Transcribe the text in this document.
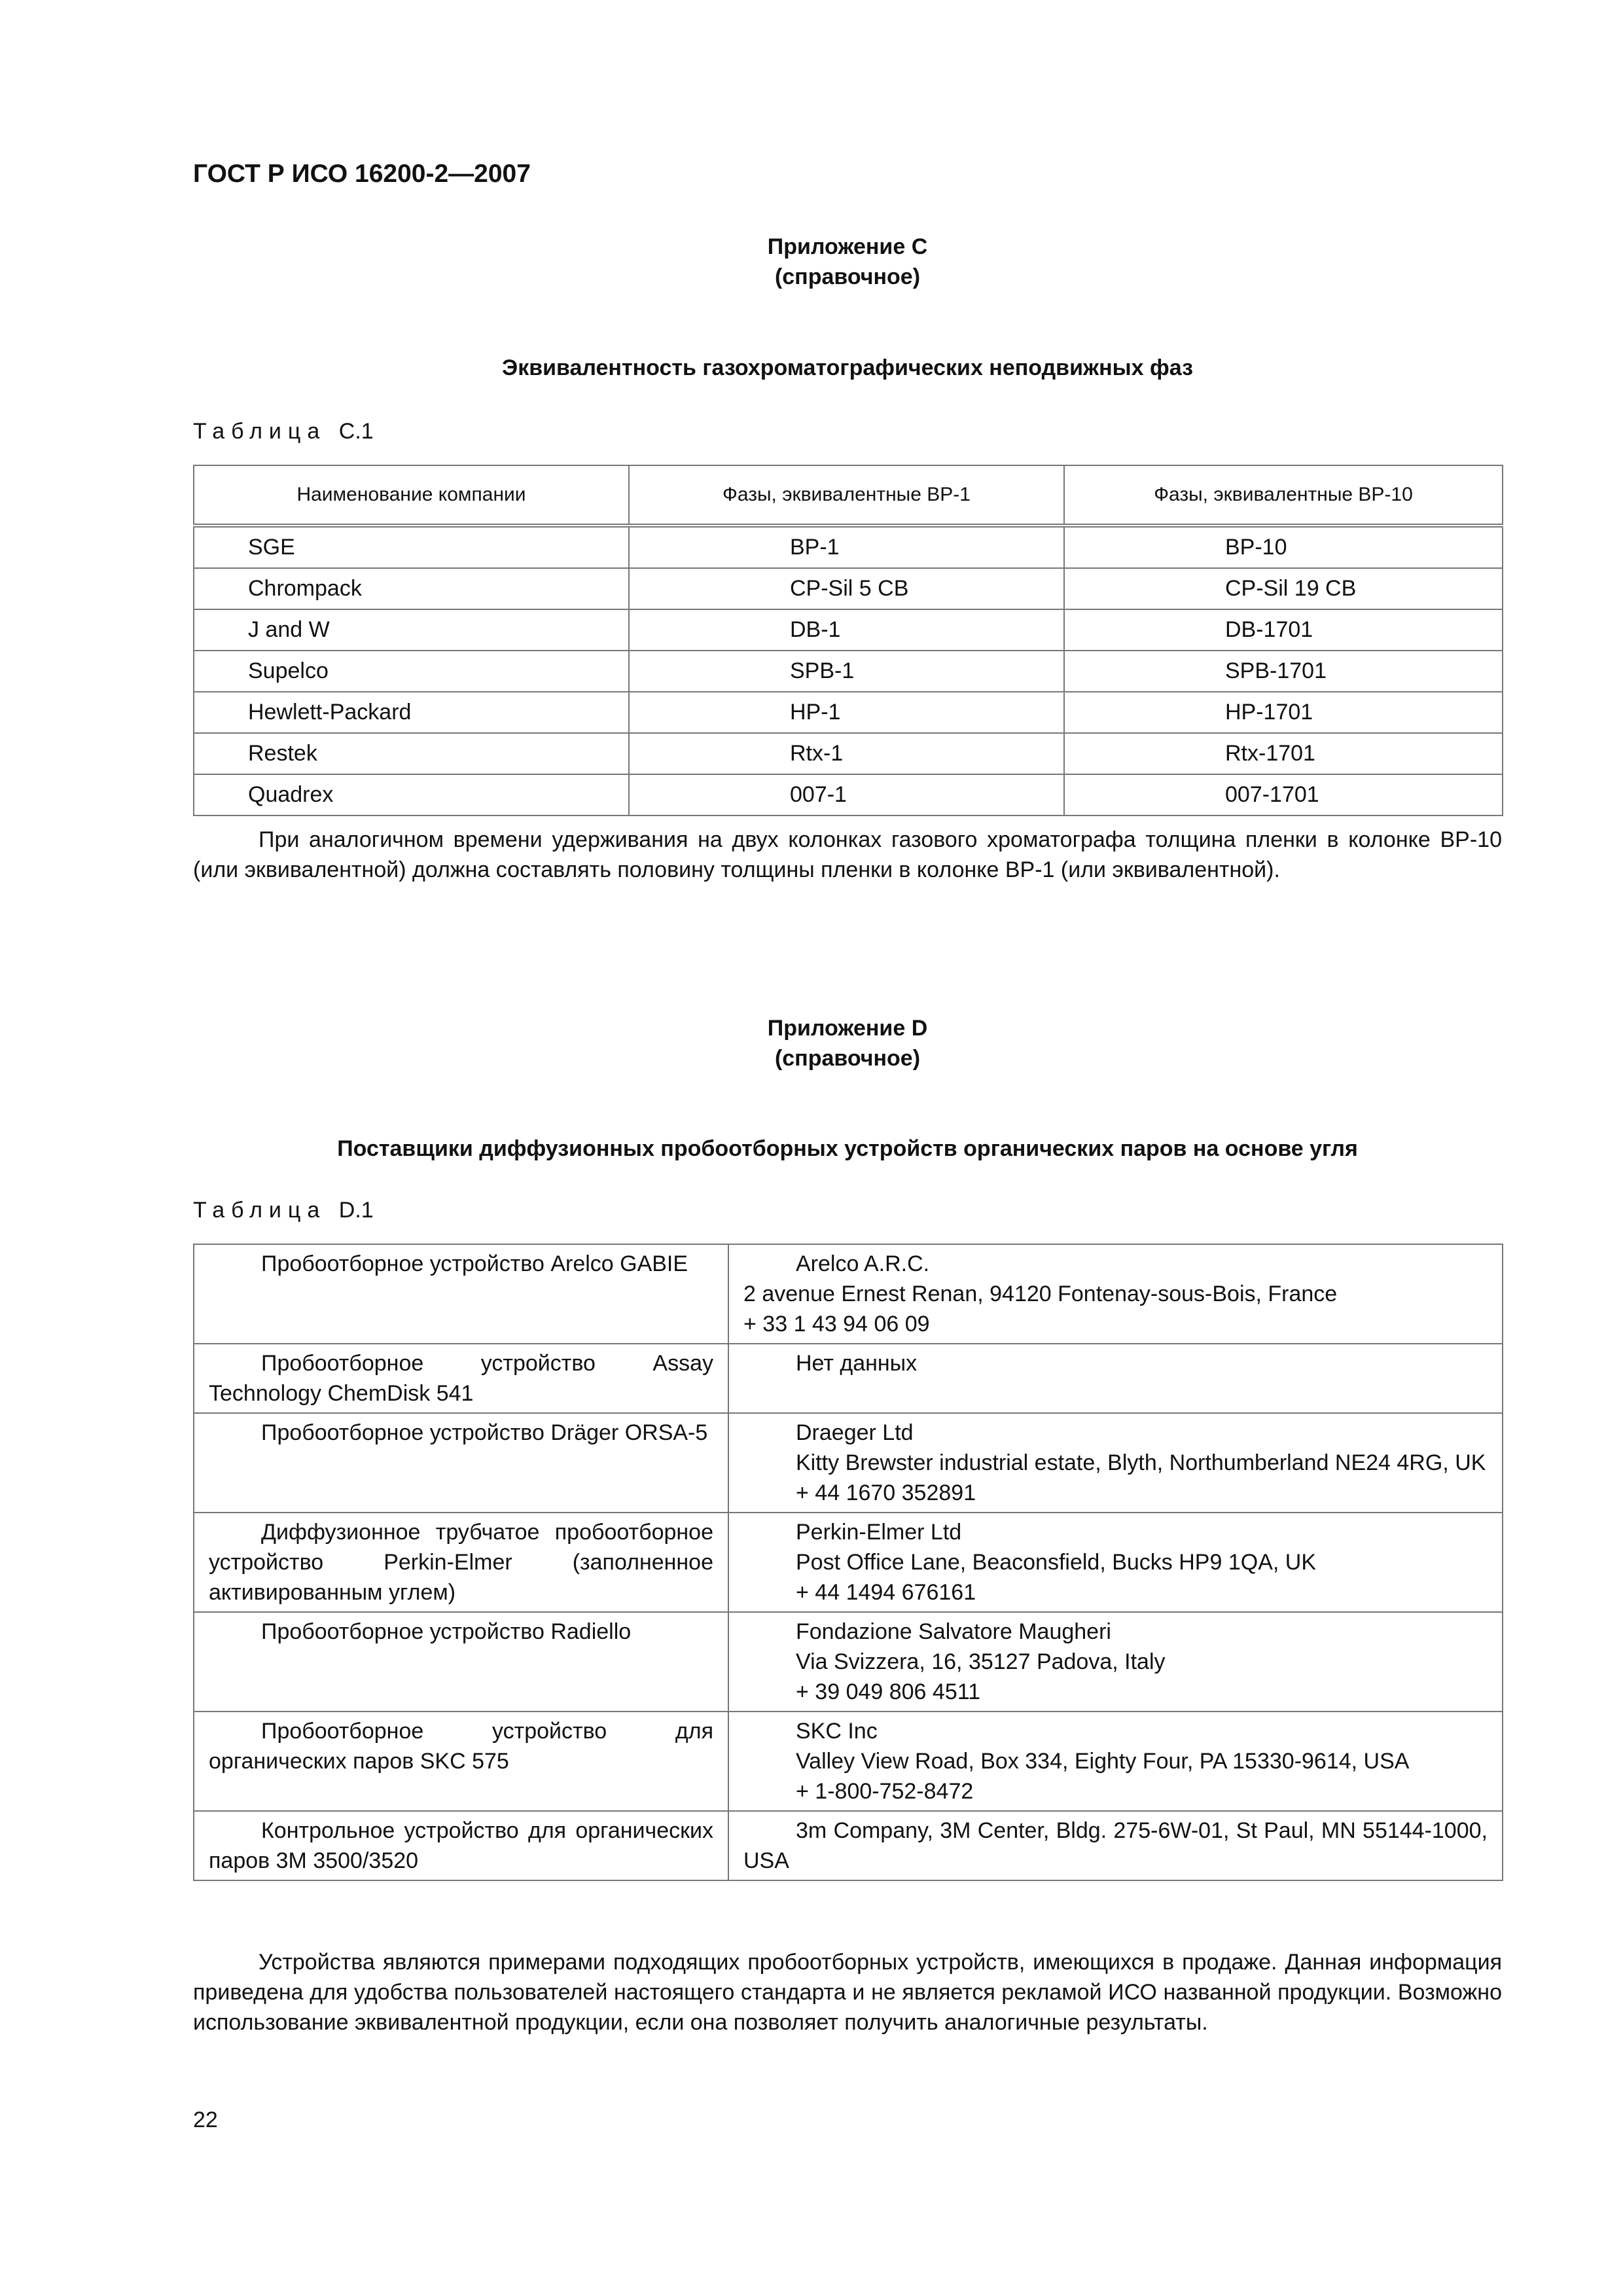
ГОСТ Р ИСО 16200-2—2007
Приложение С
(справочное)
Эквивалентность газохроматографических неподвижных фаз
Таблица С.1
Наименование компании	Фазы, эквивалентные ВР-1	Фазы, эквивалентные ВР-10
SGE	BP-1	BP-10
Chrompack	CP-Sil 5 CB	CP-Sil 19 CB
J and W	DB-1	DB-1701
Supelco	SPB-1	SPB-1701
Hewlett-Packard	HP-1	HP-1701
Restek	Rtx-1	Rtx-1701
Quadrex	007-1	007-1701

При аналогичном времени удерживания на двух колонках газового хроматографа толщина пленки в колонке ВР-10 (или эквивалентной) должна составлять половину толщины пленки в колонке ВР-1 (или эквивалентной).

Приложение D
(справочное)
Поставщики диффузионных пробоотборных устройств органических паров на основе угля
Таблица D.1
Пробоотборное устройство Arelco GABIE	Arelco A.R.C.
2 avenue Ernest Renan, 94120 Fontenay-sous-Bois, France
+ 33 1 43 94 06 09

Пробоотборное устройство Assay Technology ChemDisk 541	Нет данных

Пробоотборное устройство Dräger ORSA-5	Draeger Ltd
Kitty Brewster industrial estate, Blyth, Northumberland NE24 4RG, UK
+ 44 1670 352891

Диффузионное трубчатое пробоотборное устройство Perkin-Elmer (заполненное активированным углем)	Perkin-Elmer Ltd
Post Office Lane, Beaconsfield, Bucks HP9 1QA, UK
+ 44 1494 676161

Пробоотборное устройство Radiello	Fondazione Salvatore Maugheri
Via Svizzera, 16, 35127 Padova, Italy
+ 39 049 806 4511

Пробоотборное устройство для органических паров SKC 575	SKC Inc
Valley View Road, Box 334, Eighty Four, PA 15330-9614, USA
+ 1-800-752-8472

Контрольное устройство для органических паров 3M 3500/3520	3m Company, 3M Center, Bldg. 275-6W-01, St Paul, MN 55144-1000, USA

Устройства являются примерами подходящих пробоотборных устройств, имеющихся в продаже. Данная информация приведена для удобства пользователей настоящего стандарта и не является рекламой ИСО названной продукции. Возможно использование эквивалентной продукции, если она позволяет получить аналогичные результаты.

22
